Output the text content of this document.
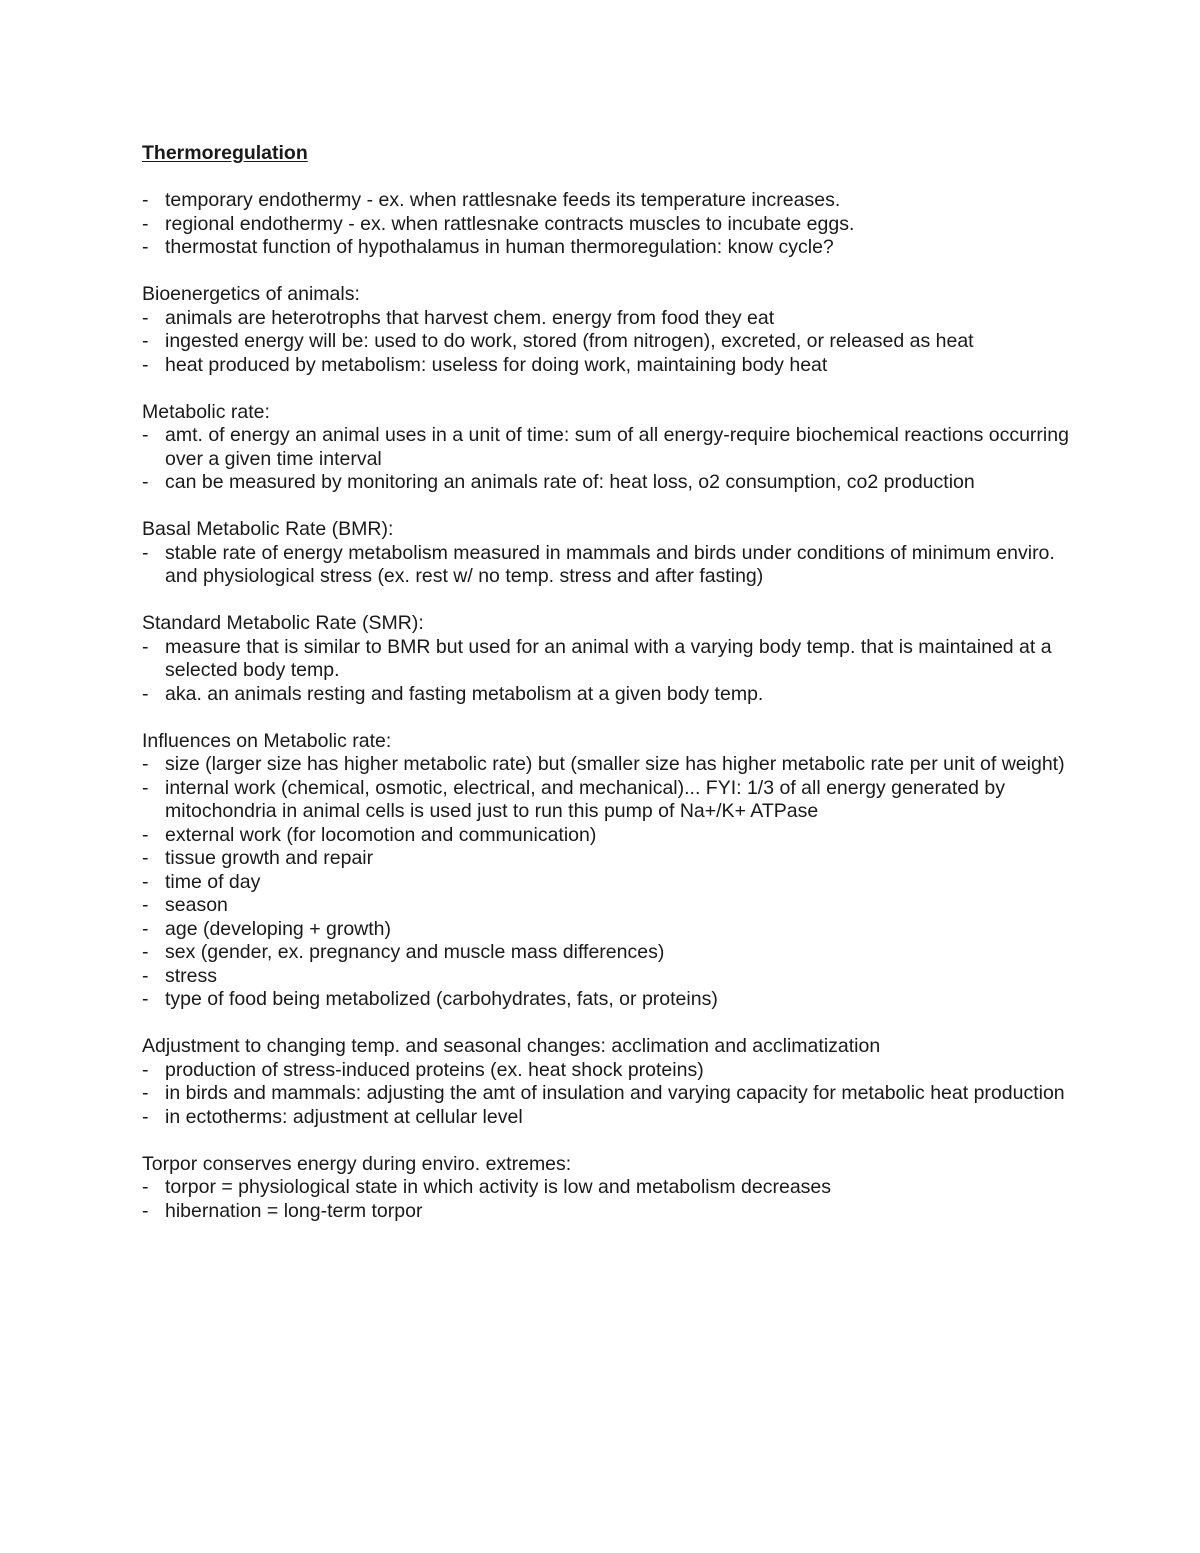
Thermoregulation
- temporary endothermy - ex. when rattlesnake feeds its temperature increases.
- regional endothermy - ex. when rattlesnake contracts muscles to incubate eggs.
- thermostat function of hypothalamus in human thermoregulation: know cycle?
Bioenergetics of animals:
- animals are heterotrophs that harvest chem. energy from food they eat
- ingested energy will be: used to do work, stored (from nitrogen), excreted, or released as heat
- heat produced by metabolism: useless for doing work, maintaining body heat
Metabolic rate:
- amt. of energy an animal uses in a unit of time: sum of all energy-require biochemical reactions occurring over a given time interval
- can be measured by monitoring an animals rate of: heat loss, o2 consumption, co2 production
Basal Metabolic Rate (BMR):
- stable rate of energy metabolism measured in mammals and birds under conditions of minimum enviro. and physiological stress (ex. rest w/ no temp. stress and after fasting)
Standard Metabolic Rate (SMR):
- measure that is similar to BMR but used for an animal with a varying body temp. that is maintained at a selected body temp.
- aka. an animals resting and fasting metabolism at a given body temp.
Influences on Metabolic rate:
- size (larger size has higher metabolic rate) but (smaller size has higher metabolic rate per unit of weight)
- internal work (chemical, osmotic, electrical, and mechanical)... FYI: 1/3 of all energy generated by mitochondria in animal cells is used just to run this pump of Na+/K+ ATPase
- external work (for locomotion and communication)
- tissue growth and repair
- time of day
- season
- age (developing + growth)
- sex (gender, ex. pregnancy and muscle mass differences)
- stress
- type of food being metabolized (carbohydrates, fats, or proteins)
Adjustment to changing temp. and seasonal changes: acclimation and acclimatization
- production of stress-induced proteins (ex. heat shock proteins)
- in birds and mammals: adjusting the amt of insulation and varying capacity for metabolic heat production
- in ectotherms: adjustment at cellular level
Torpor conserves energy during enviro. extremes:
- torpor = physiological state in which activity is low and metabolism decreases
- hibernation = long-term torpor
